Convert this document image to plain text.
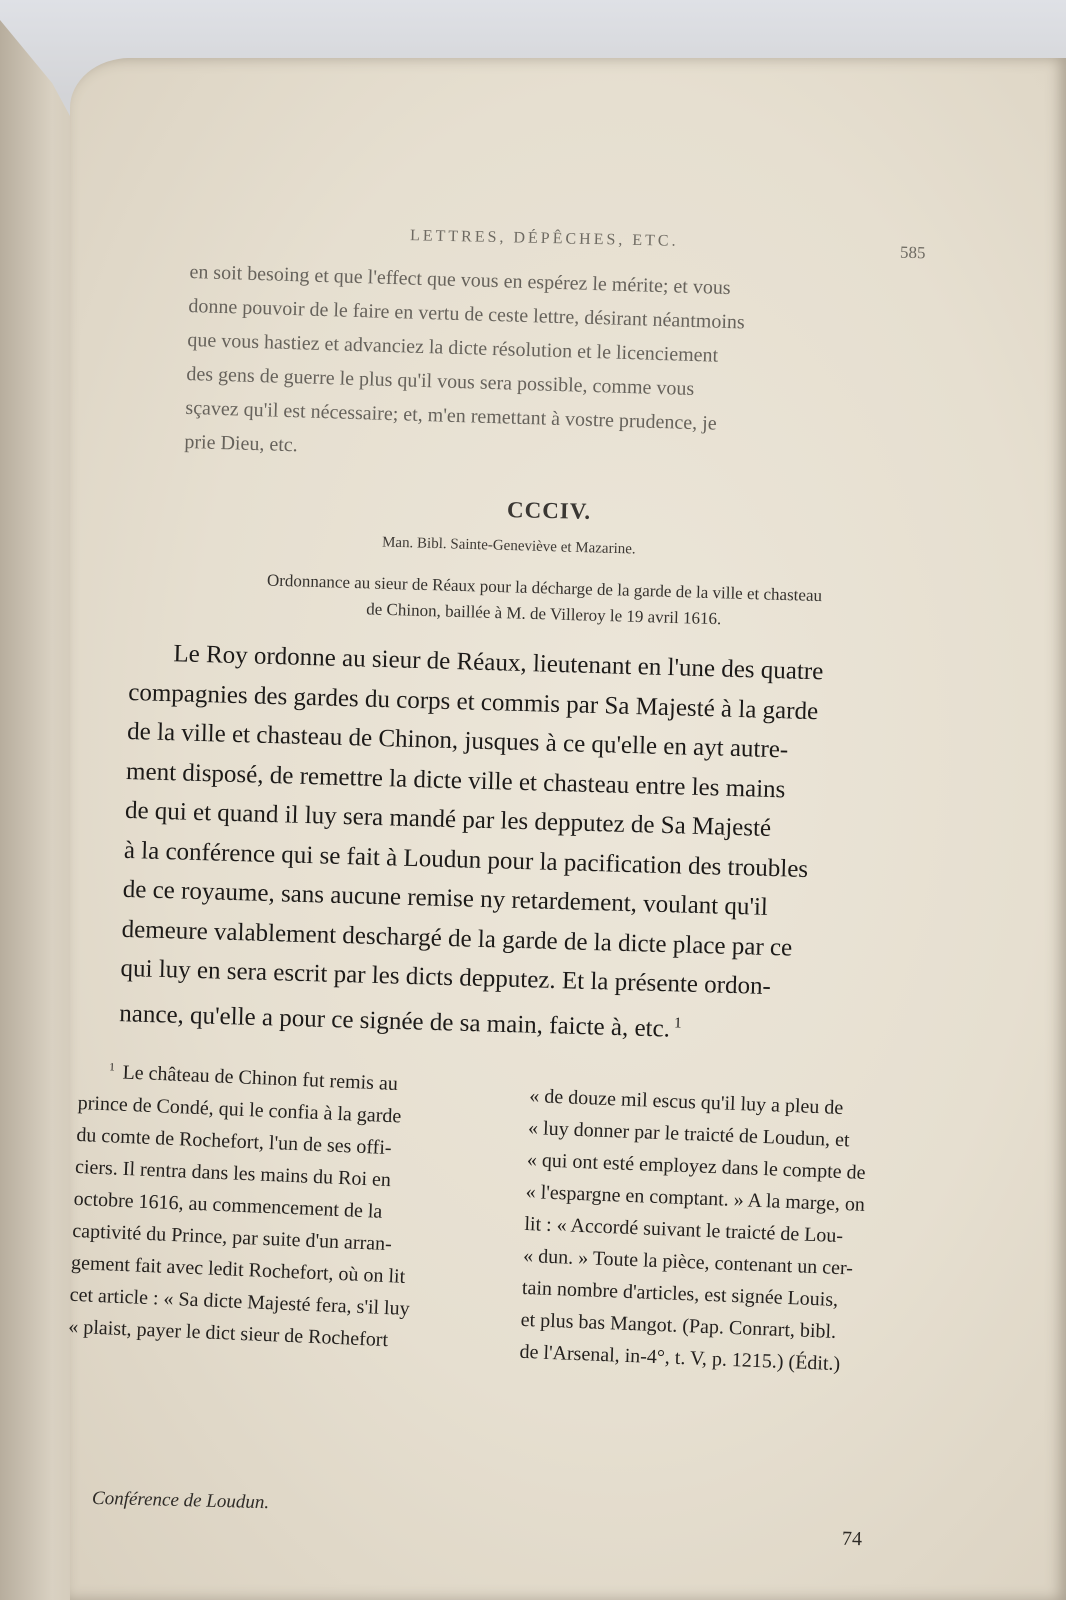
LETTRES, DÉPÊCHES, ETC.
585
en soit besoing et que l'effect que vous en espérez le mérite; et vous
donne pouvoir de le faire en vertu de ceste lettre, désirant néantmoins
que vous hastiez et advanciez la dicte résolution et le licenciement
des gens de guerre le plus qu'il vous sera possible, comme vous
sçavez qu'il est nécessaire; et, m'en remettant à vostre prudence, je
prie Dieu, etc.
CCCIV.
Man. Bibl. Sainte-Geneviève et Mazarine.
Ordonnance au sieur de Réaux pour la décharge de la garde de la ville et chasteau
de Chinon, baillée à M. de Villeroy le 19 avril 1616.
Le Roy ordonne au sieur de Réaux, lieutenant en l'une des quatre
compagnies des gardes du corps et commis par Sa Majesté à la garde
de la ville et chasteau de Chinon, jusques à ce qu'elle en ayt autre-
ment disposé, de remettre la dicte ville et chasteau entre les mains
de qui et quand il luy sera mandé par les depputez de Sa Majesté
à la conférence qui se fait à Loudun pour la pacification des troubles
de ce royaume, sans aucune remise ny retardement, voulant qu'il
demeure valablement deschargé de la garde de la dicte place par ce
qui luy en sera escrit par les dicts depputez. Et la présente ordon-
nance, qu'elle a pour ce signée de sa main, faicte à, etc. $^1$
$^1$ Le château de Chinon fut remis au
prince de Condé, qui le confia à la garde
du comte de Rochefort, l'un de ses offi-
ciers. Il rentra dans les mains du Roi en
octobre 1616, au commencement de la
captivité du Prince, par suite d'un arran-
gement fait avec ledit Rochefort, où on lit
cet article : « Sa dicte Majesté fera, s'il luy
« plaist, payer le dict sieur de Rochefort
« de douze mil escus qu'il luy a pleu de
« luy donner par le traicté de Loudun, et
« qui ont esté employez dans le compte de
« l'espargne en comptant. » A la marge, on
lit : « Accordé suivant le traicté de Lou-
« dun. » Toute la pièce, contenant un cer-
tain nombre d'articles, est signée Louis,
et plus bas Mangot. (Pap. Conrart, bibl.
de l'Arsenal, in-4°, t. V, p. 1215.) (Édit.)
Conférence de Loudun.
74
